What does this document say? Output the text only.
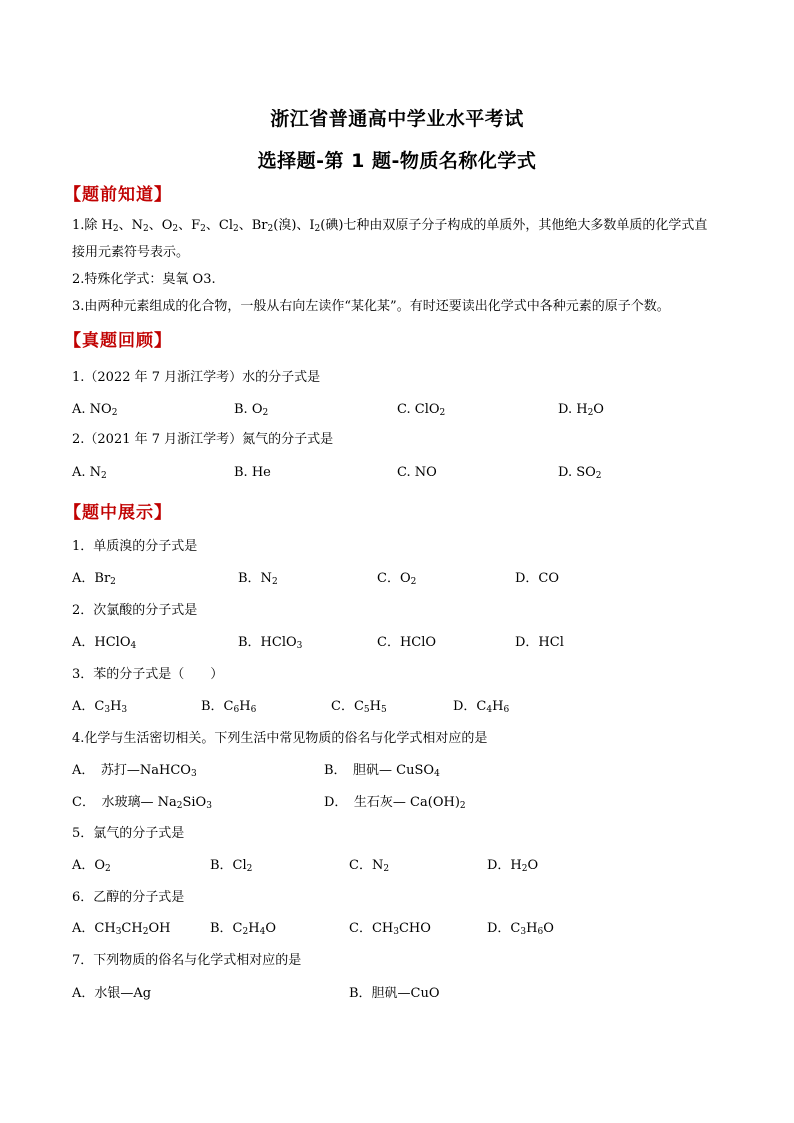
浙江省普通高中学业水平考试
选择题-第 1 题-物质名称化学式
【题前知道】
1.除 $H_2$、$N_2$、$O_2$、$F_2$、$Cl_2$、$Br_2$(溴)、$I_2$(碘)七种由双原子分子构成的单质外，其他绝大多数单质的化学式直
接用元素符号表示。
2.特殊化学式：臭氧 O3.
3.由两种元素组成的化合物，一般从右向左读作“某化某”。有时还要读出化学式中各种元素的原子个数。
【真题回顾】
1.（2022 年 7 月浙江学考）水的分子式是
A. $NO_2$	B. $O_2$	C. ClO$_2$	D. $H_2O$
2.（2021 年 7 月浙江学考）氮气的分子式是
A. $N_2$	B. He	C. NO	D. $SO_2$
【题中展示】
1．单质溴的分子式是
A．$Br_2$	B．$N_2$	C．$O_2$	D．CO
2．次氯酸的分子式是
A．HClO$_4$	B．HClO$_3$	C．HClO	D．HCl
3．苯的分子式是（　　）
A．$C_3H_3$	B．$C_6H_6$	C．$C_5H_5$	D．$C_4H_6$
4.化学与生活密切相关。下列生活中常见物质的俗名与化学式相对应的是
A．　苏打—NaHCO$_3$	B．　胆矾— CuSO$_4$
C．　水玻璃— $Na_2SiO_3$	D．　生石灰— $Ca(OH)_2$
5．氯气的分子式是
A．$O_2$	B．$Cl_2$	C．$N_2$	D．$H_2O$
6．乙醇的分子式是
A．$CH_3CH_2OH$	B．$C_2H_4O$	C．$CH_3CHO$	D．$C_3H_6O$
7．下列物质的俗名与化学式相对应的是
A．水银—Ag	B．胆矾—CuO
